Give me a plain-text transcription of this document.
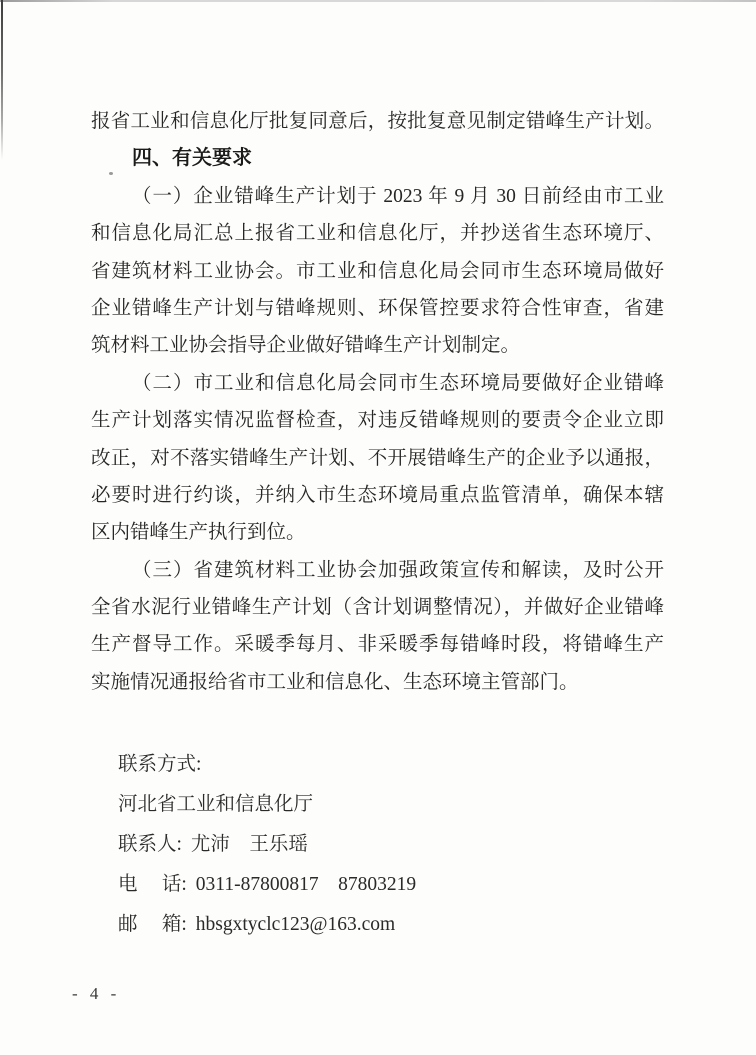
报省工业和信息化厅批复同意后，按批复意见制定错峰生产计划。
四、有关要求
（一）企业错峰生产计划于 2023 年 9 月 30 日前经由市工业
和信息化局汇总上报省工业和信息化厅，并抄送省生态环境厅、
省建筑材料工业协会。市工业和信息化局会同市生态环境局做好
企业错峰生产计划与错峰规则、环保管控要求符合性审查，省建
筑材料工业协会指导企业做好错峰生产计划制定。
（二）市工业和信息化局会同市生态环境局要做好企业错峰
生产计划落实情况监督检查，对违反错峰规则的要责令企业立即
改正，对不落实错峰生产计划、不开展错峰生产的企业予以通报，
必要时进行约谈，并纳入市生态环境局重点监管清单，确保本辖
区内错峰生产执行到位。
（三）省建筑材料工业协会加强政策宣传和解读，及时公开
全省水泥行业错峰生产计划（含计划调整情况），并做好企业错峰
生产督导工作。采暖季每月、非采暖季每错峰时段，将错峰生产
实施情况通报给省市工业和信息化、生态环境主管部门。
联系方式:
河北省工业和信息化厅
联系人: 尤沛　王乐瑶
电　 话: 0311-87800817　87803219
邮　 箱: hbsgxtyclc123@163.com
- 4 -
